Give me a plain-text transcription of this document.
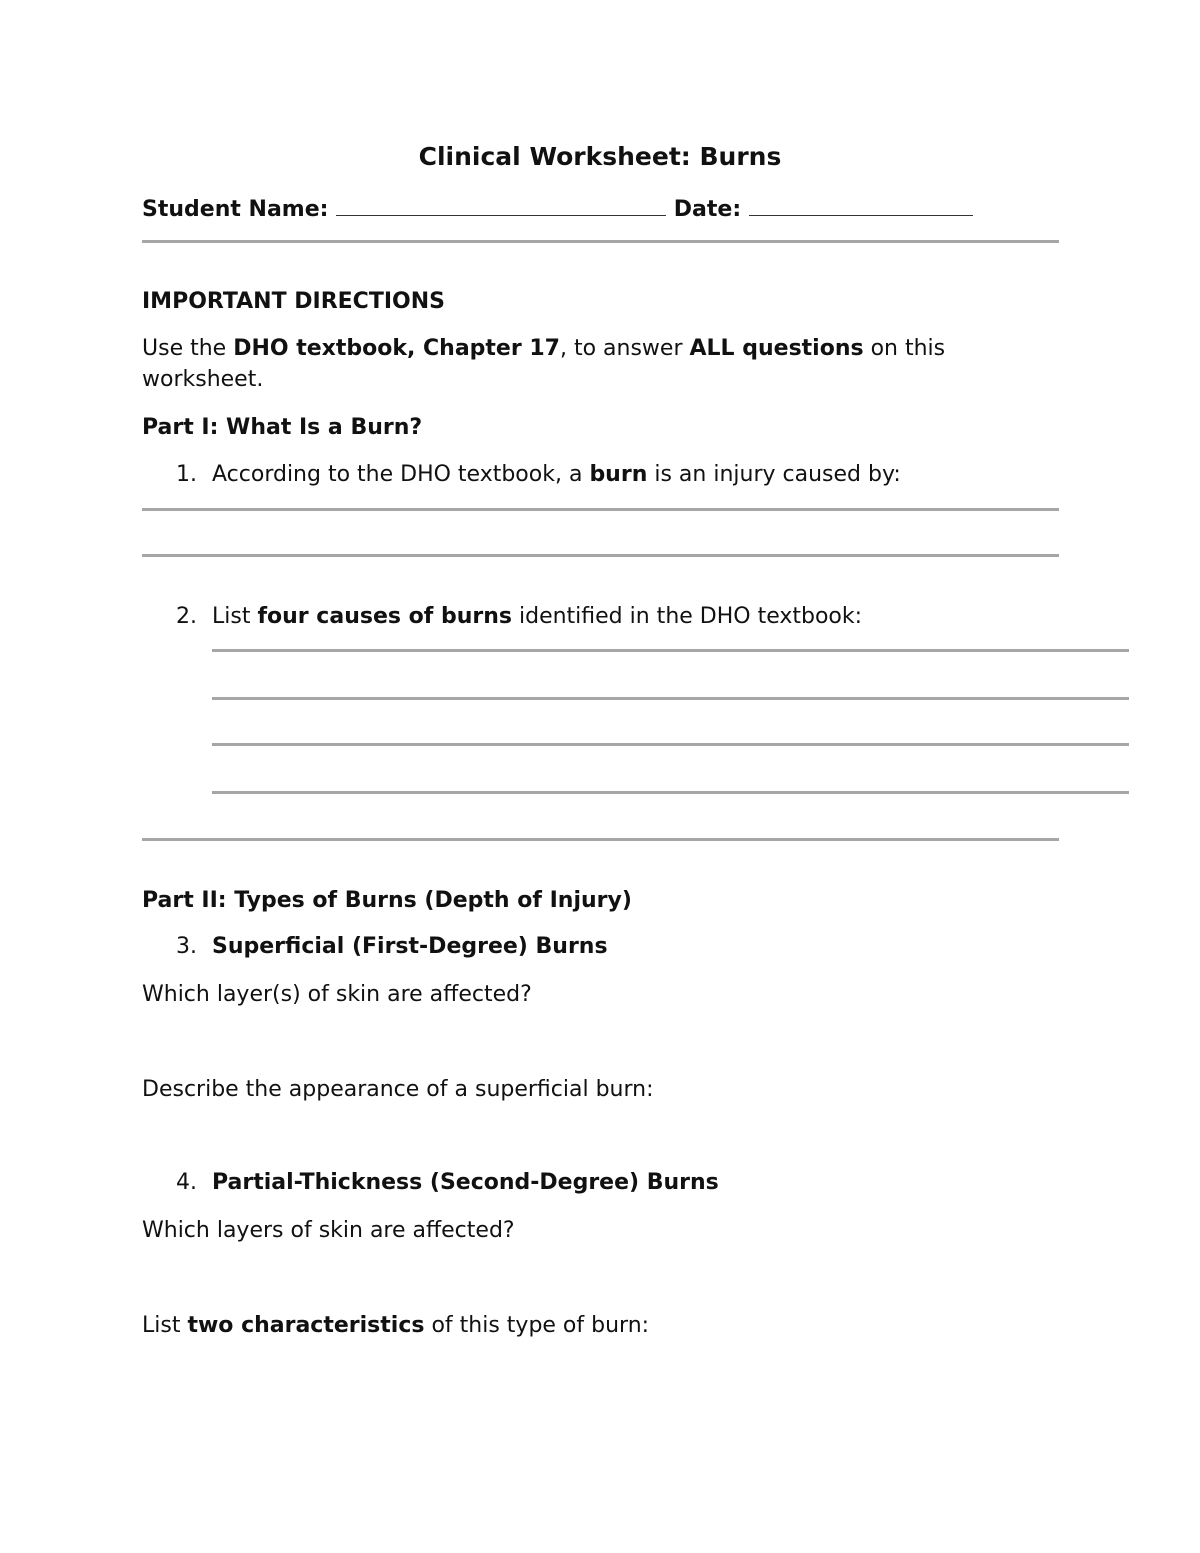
Clinical Worksheet: Burns
Student Name:	Date:
IMPORTANT DIRECTIONS
Use the DHO textbook, Chapter 17, to answer ALL questions on this
worksheet.
Part I: What Is a Burn?
1. According to the DHO textbook, a burn is an injury caused by:
2. List four causes of burns identified in the DHO textbook:
Part II: Types of Burns (Depth of Injury)
3. Superficial (First-Degree) Burns
Which layer(s) of skin are affected?
Describe the appearance of a superficial burn:
4. Partial-Thickness (Second-Degree) Burns
Which layers of skin are affected?
List two characteristics of this type of burn:
